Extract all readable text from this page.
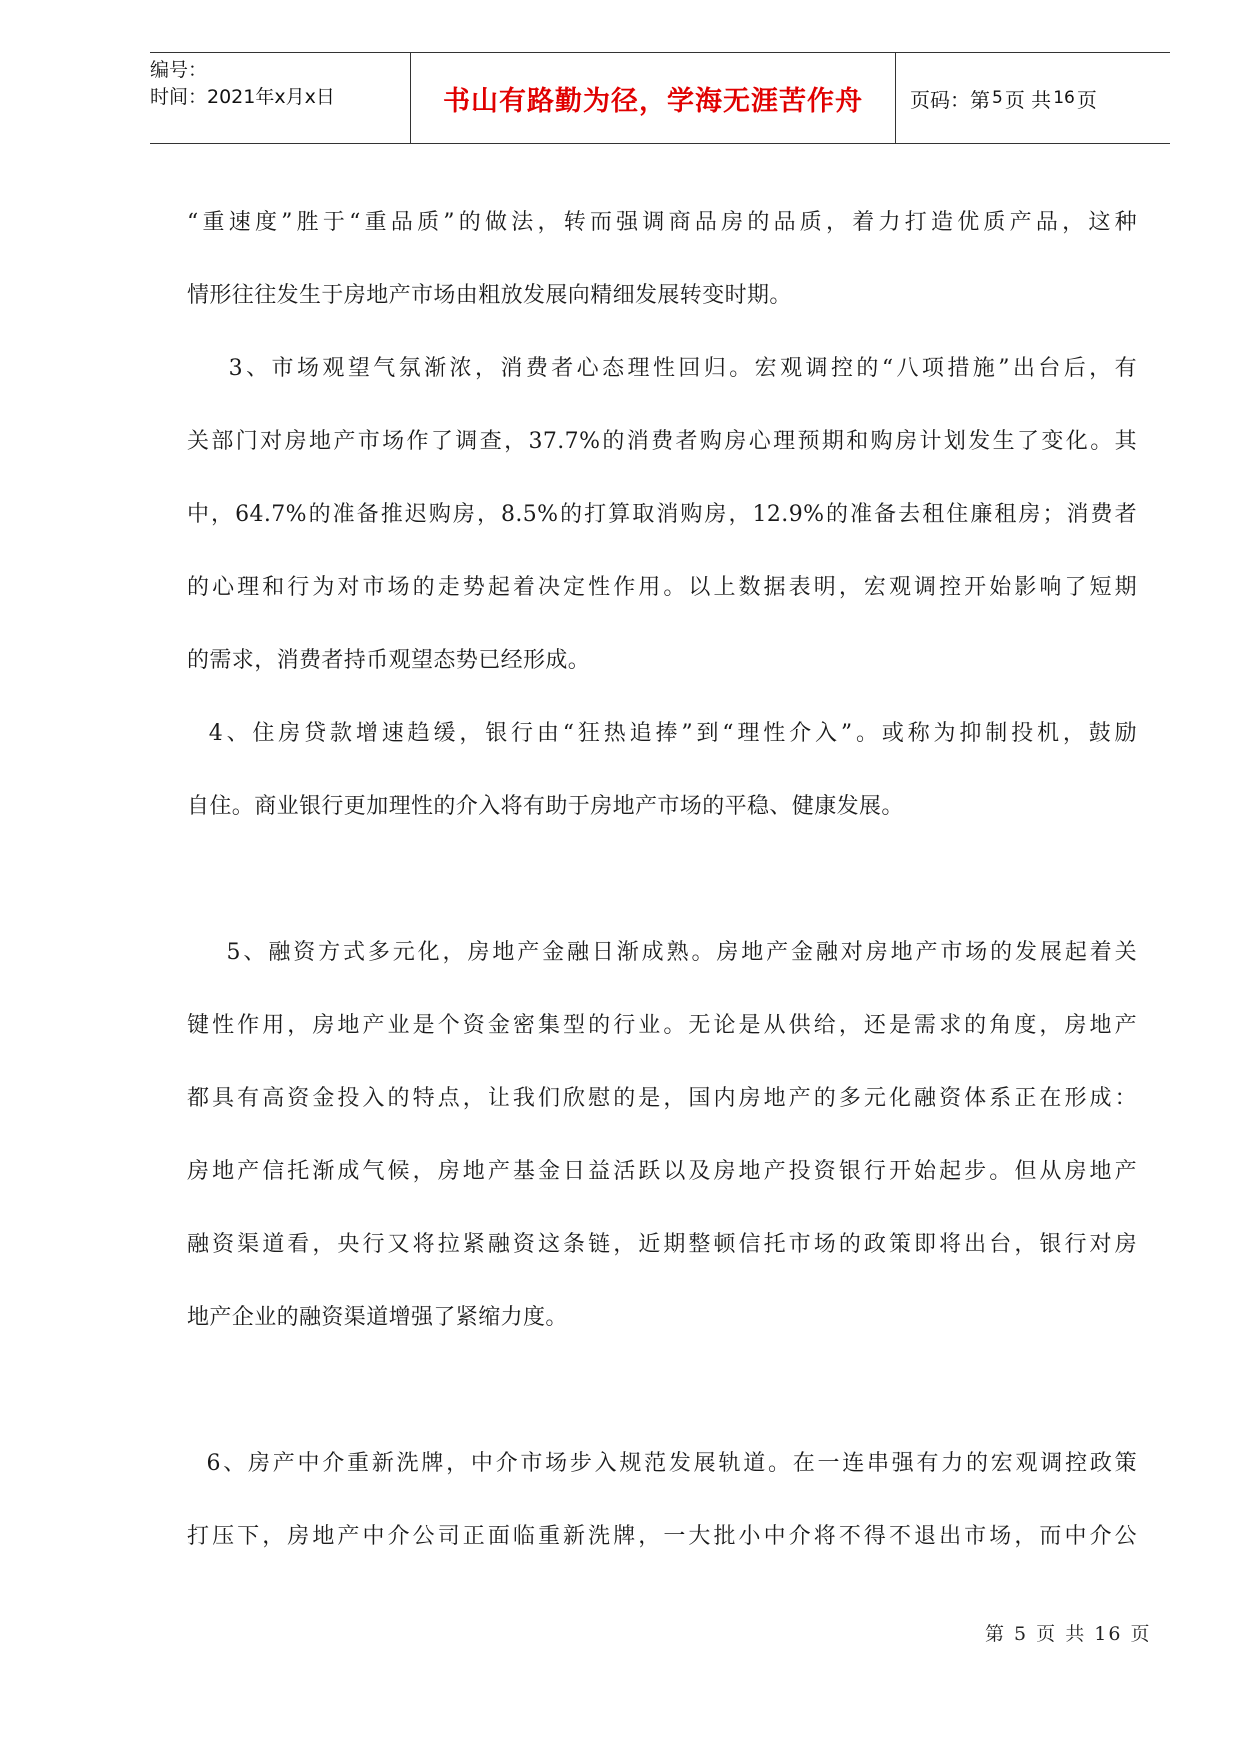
编号：
时间：2021年x月x日	书山有路勤为径，学海无涯苦作舟	页码：第 5 页 共 16 页

“重速度”胜于“重品质”的做法，转而强调商品房的品质，着力打造优质产品，这种

情形往往发生于房地产市场由粗放发展向精细发展转变时期。

3、市场观望气氛渐浓，消费者心态理性回归。宏观调控的“八项措施”出台后，有

关部门对房地产市场作了调查，37.7%的消费者购房心理预期和购房计划发生了变化。其

中，64.7%的准备推迟购房，8.5%的打算取消购房，12.9%的准备去租住廉租房；消费者

的心理和行为对市场的走势起着决定性作用。以上数据表明，宏观调控开始影响了短期

的需求，消费者持币观望态势已经形成。

4、住房贷款增速趋缓，银行由“狂热追捧”到“理性介入”。或称为抑制投机，鼓励

自住。商业银行更加理性的介入将有助于房地产市场的平稳、健康发展。

5、融资方式多元化，房地产金融日渐成熟。房地产金融对房地产市场的发展起着关

键性作用，房地产业是个资金密集型的行业。无论是从供给，还是需求的角度，房地产

都具有高资金投入的特点，让我们欣慰的是，国内房地产的多元化融资体系正在形成：

房地产信托渐成气候，房地产基金日益活跃以及房地产投资银行开始起步。但从房地产

融资渠道看，央行又将拉紧融资这条链，近期整顿信托市场的政策即将出台，银行对房

地产企业的融资渠道增强了紧缩力度。

6、房产中介重新洗牌，中介市场步入规范发展轨道。在一连串强有力的宏观调控政策

打压下，房地产中介公司正面临重新洗牌，一大批小中介将不得不退出市场，而中介公

第 5 页 共 16 页
